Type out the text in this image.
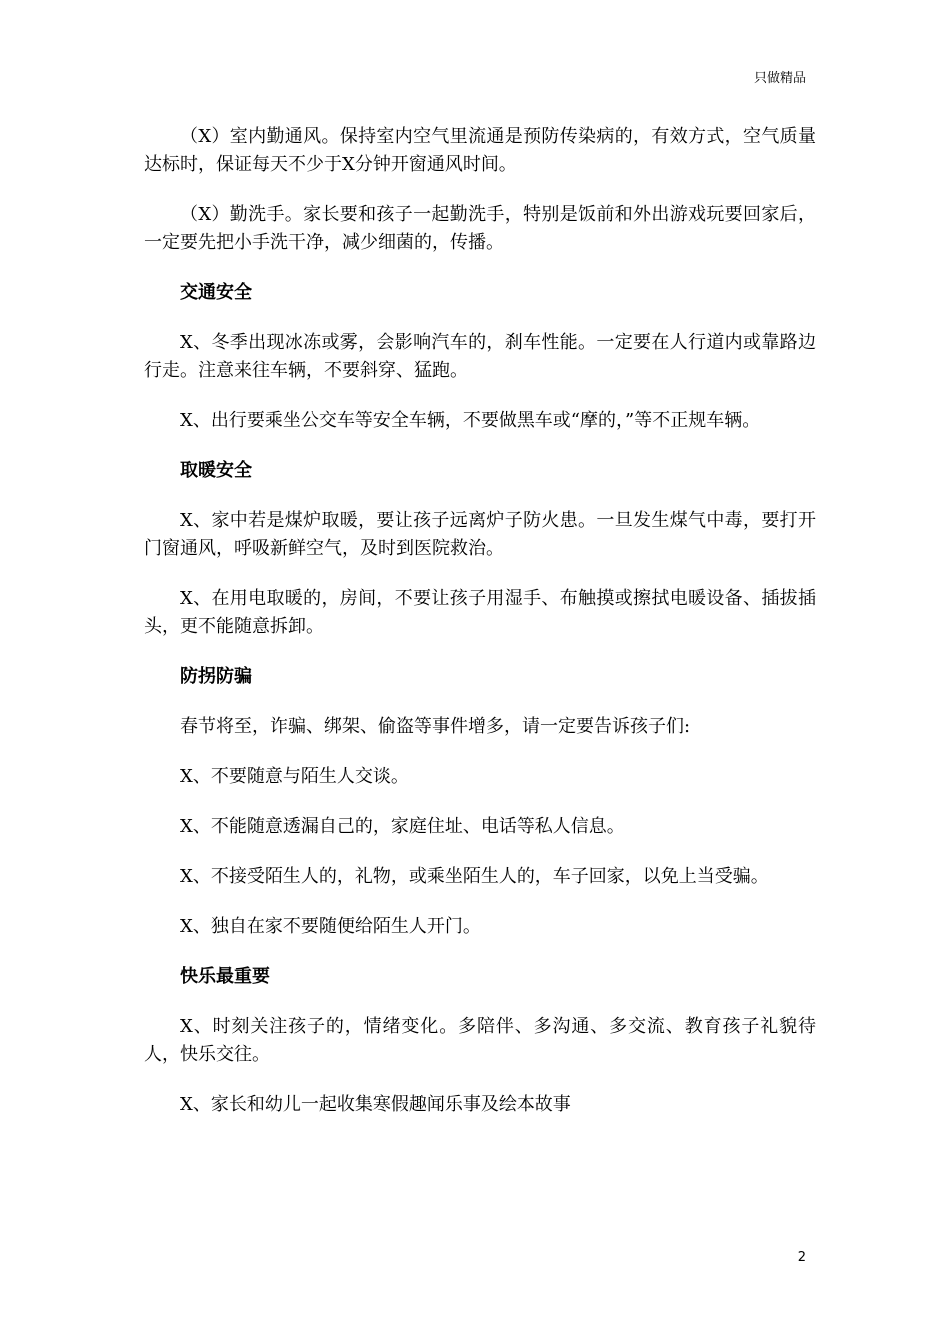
只做精品

（X）室内勤通风。保持室内空气里流通是预防传染病的，有效方式，空气质量达标时，保证每天不少于X分钟开窗通风时间。

（X）勤洗手。家长要和孩子一起勤洗手，特别是饭前和外出游戏玩要回家后，一定要先把小手洗干净，减少细菌的，传播。

交通安全

X、冬季出现冰冻或雾，会影响汽车的，刹车性能。一定要在人行道内或靠路边行走。注意来往车辆，不要斜穿、猛跑。

X、出行要乘坐公交车等安全车辆，不要做黑车或“摩的，”等不正规车辆。

取暖安全

X、家中若是煤炉取暖，要让孩子远离炉子防火患。一旦发生煤气中毒，要打开门窗通风，呼吸新鲜空气，及时到医院救治。

X、在用电取暖的，房间，不要让孩子用湿手、布触摸或擦拭电暖设备、插拔插头，更不能随意拆卸。

防拐防骗

春节将至，诈骗、绑架、偷盗等事件增多，请一定要告诉孩子们:

X、不要随意与陌生人交谈。

X、不能随意透漏自己的，家庭住址、电话等私人信息。

X、不接受陌生人的，礼物，或乘坐陌生人的，车子回家，以免上当受骗。

X、独自在家不要随便给陌生人开门。

快乐最重要

X、时刻关注孩子的，情绪变化。多陪伴、多沟通、多交流、教育孩子礼貌待人，快乐交往。

X、家长和幼儿一起收集寒假趣闻乐事及绘本故事

2
